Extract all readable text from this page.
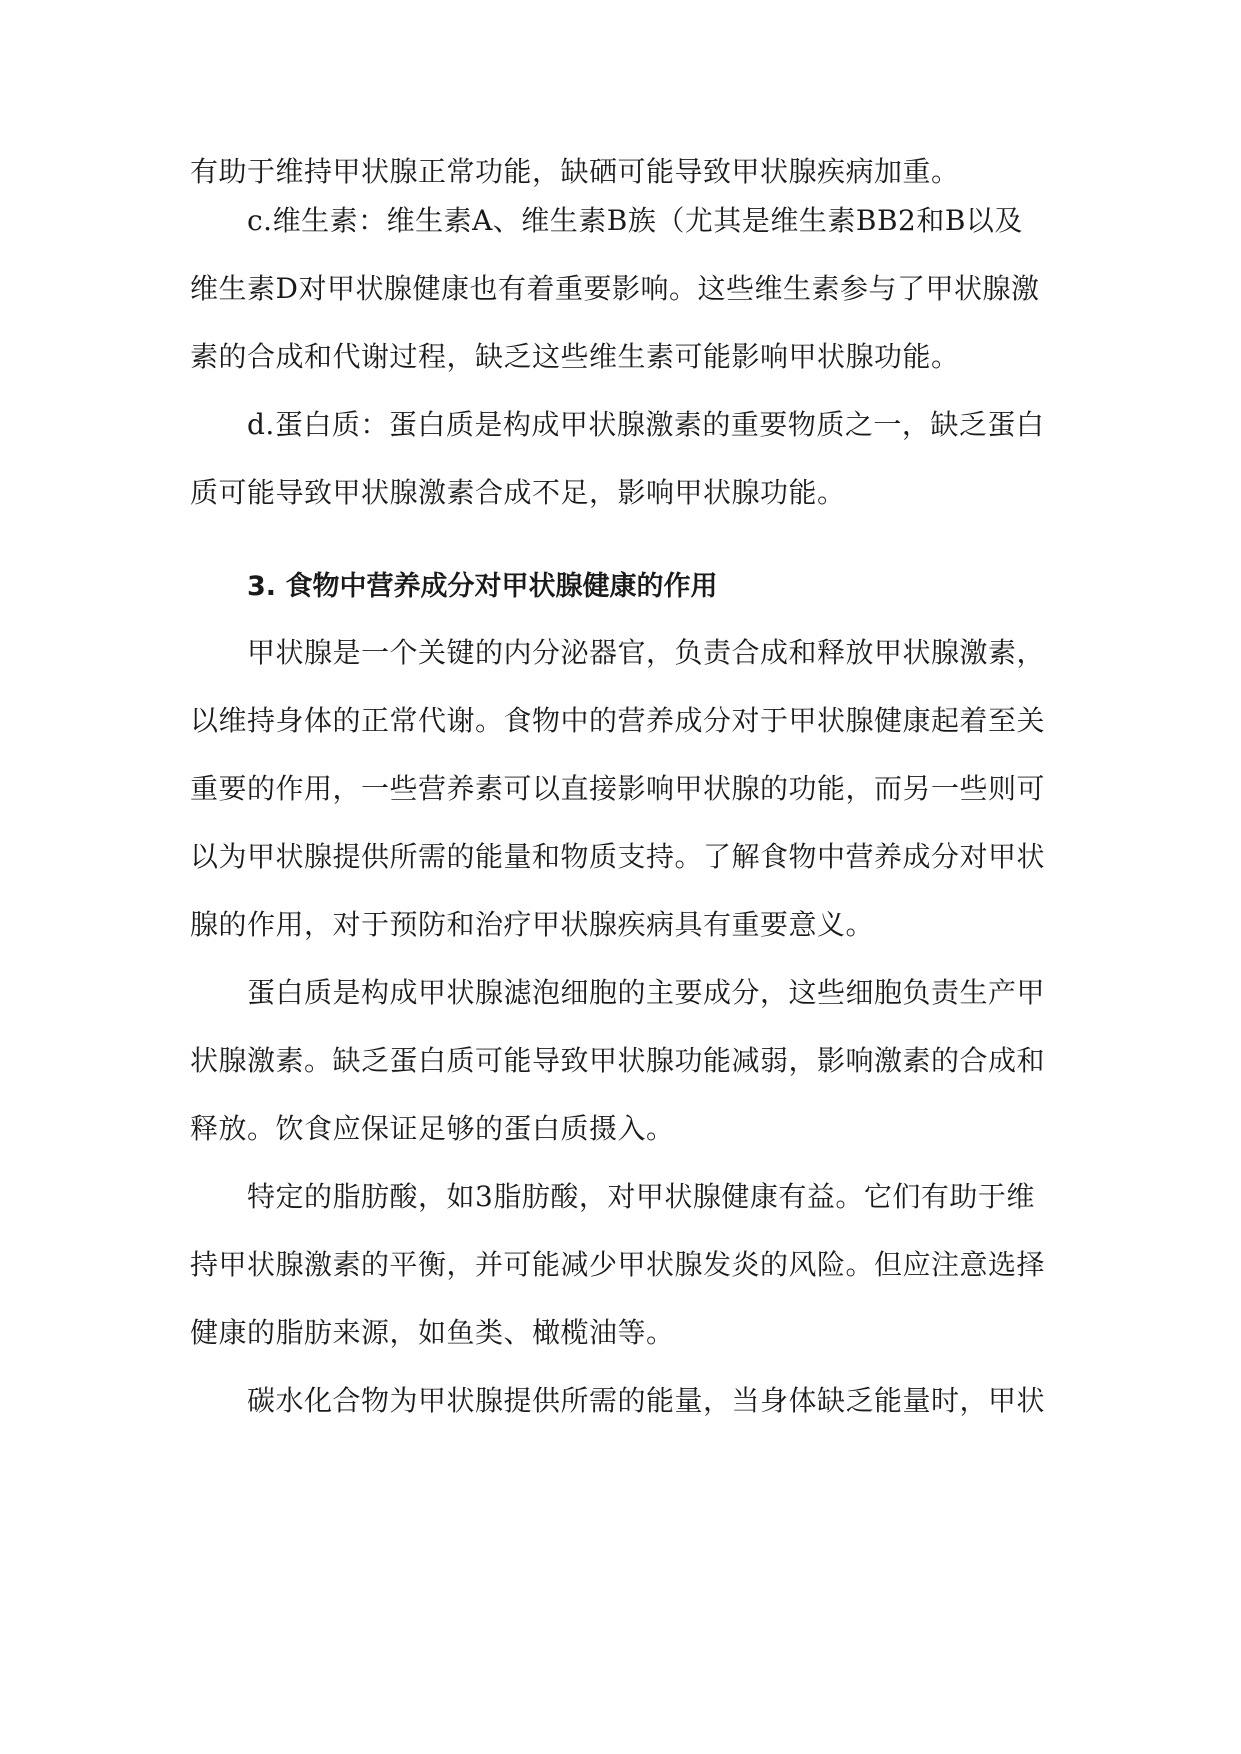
有助于维持甲状腺正常功能，缺硒可能导致甲状腺疾病加重。
c.维生素：维生素A、维生素B族（尤其是维生素BB2和B以及
维生素D对甲状腺健康也有着重要影响。这些维生素参与了甲状腺激
素的合成和代谢过程，缺乏这些维生素可能影响甲状腺功能。
d.蛋白质：蛋白质是构成甲状腺激素的重要物质之一，缺乏蛋白
质可能导致甲状腺激素合成不足，影响甲状腺功能。
3. 食物中营养成分对甲状腺健康的作用
甲状腺是一个关键的内分泌器官，负责合成和释放甲状腺激素，
以维持身体的正常代谢。食物中的营养成分对于甲状腺健康起着至关
重要的作用，一些营养素可以直接影响甲状腺的功能，而另一些则可
以为甲状腺提供所需的能量和物质支持。了解食物中营养成分对甲状
腺的作用，对于预防和治疗甲状腺疾病具有重要意义。
蛋白质是构成甲状腺滤泡细胞的主要成分，这些细胞负责生产甲
状腺激素。缺乏蛋白质可能导致甲状腺功能减弱，影响激素的合成和
释放。饮食应保证足够的蛋白质摄入。
特定的脂肪酸，如3脂肪酸，对甲状腺健康有益。它们有助于维
持甲状腺激素的平衡，并可能减少甲状腺发炎的风险。但应注意选择
健康的脂肪来源，如鱼类、橄榄油等。
碳水化合物为甲状腺提供所需的能量，当身体缺乏能量时，甲状
